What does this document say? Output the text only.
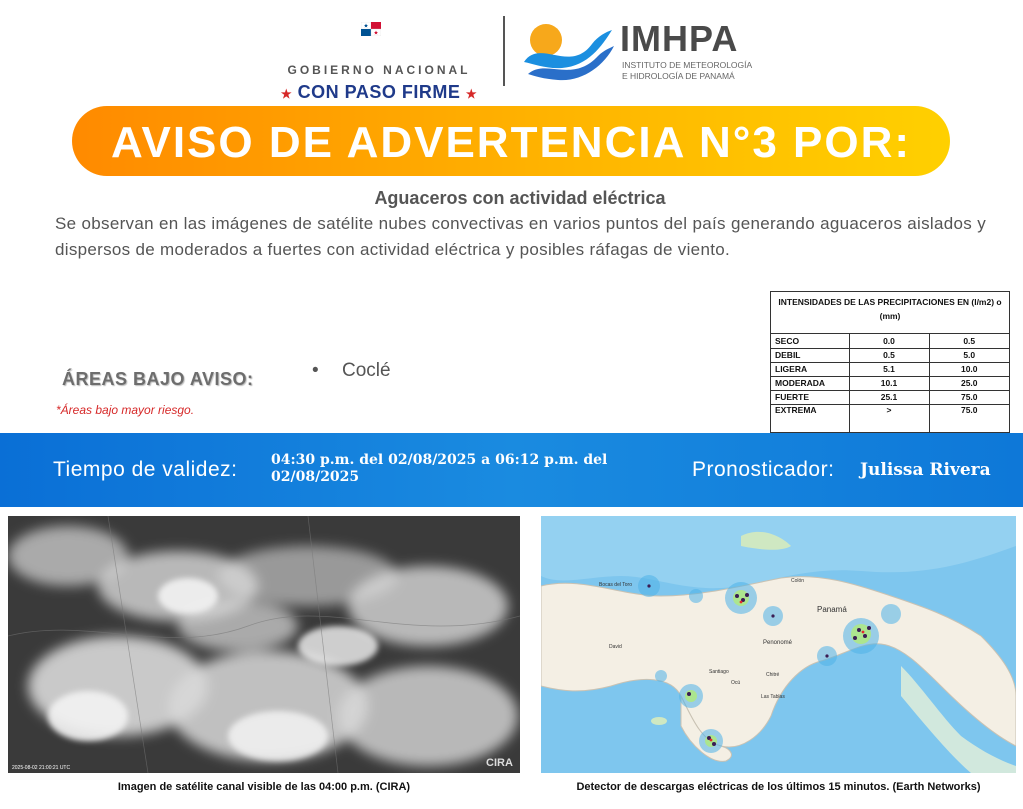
GOBIERNO NACIONAL
★ CON PASO FIRME ★
IMHPA
INSTITUTO DE METEOROLOGÍA
E HIDROLOGÍA DE PANAMÁ
AVISO DE ADVERTENCIA N°3 POR:
Aguaceros con actividad eléctrica
Se observan en las imágenes de satélite nubes convectivas en varios puntos del país generando aguaceros aislados y dispersos de moderados a fuertes con actividad eléctrica y posibles ráfagas de viento.
ÁREAS BAJO AVISO:	• Coclé
*Áreas bajo mayor riesgo.
INTENSIDADES DE LAS PRECIPITACIONES EN (l/m2) o (mm)
SECO	0.0	0.5
DEBIL	0.5	5.0
LIGERA	5.1	10.0
MODERADA	10.1	25.0
FUERTE	25.1	75.0
EXTREMA	>	75.0
Tiempo de validez: 04:30 p.m. del 02/08/2025 a 06:12 p.m. del 02/08/2025	Pronosticador: Julissa Rivera
2025-08-02 21:00:21 UTC	CIRA
Imagen de satélite canal visible de las 04:00 p.m. (CIRA)
Panamá
Bocas del Toro
Colón
Penonomé
Santiago
David
Chitré
Las Tablas
Ocú
Detector de descargas eléctricas de los últimos 15 minutos. (Earth Networks)
